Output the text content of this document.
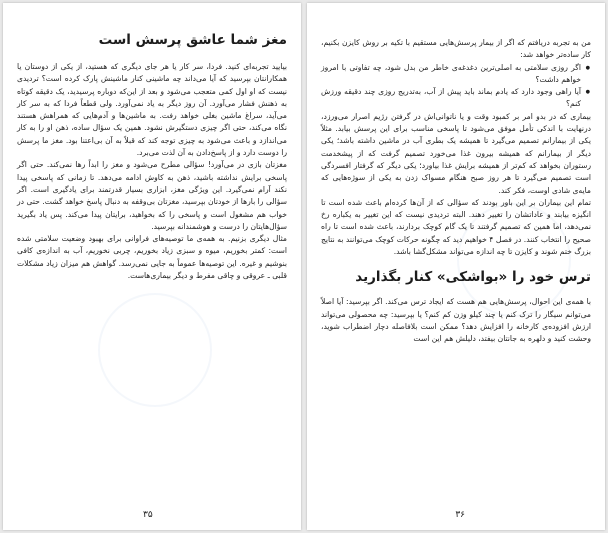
مغز شما عاشق پرسش است

بیایید تجربه‌ای کنید. فردا، سر کار یا هر جای دیگری که هستید، از یکی از دوستان یا همکارانتان بپرسید که آیا می‌داند چه ماشینی کنار ماشینش پارک کرده است؟ تردیدی نیست که او اول کمی متعجب می‌شود و بعد از این‌که دوباره پرسیدید، یک دقیقه کوتاه به ذهنش فشار می‌آورد. آن روز دیگر به یاد نمی‌آورد. ولی قطعاً فردا که به سر کار می‌آید، سراغ ماشین بغلی خواهد رفت. به ماشین‌ها و آدم‌هایی که همراهش هستند نگاه می‌کند، حتی اگر چیزی دستگیرش نشود. همین یک سؤال ساده، ذهن او را به کار می‌اندازد و باعث می‌شود به چیزی توجه کند که قبلاً به آن بی‌اعتنا بود. مغز ما پرسش را دوست دارد و از پاسخ‌دادن به آن لذت می‌برد.

مغزتان بازی در می‌آورد! سؤالی مطرح می‌شود و مغز را ابداً رها نمی‌کند. حتی اگر پاسخی برایش نداشته باشید، ذهن به کاوش ادامه می‌دهد. تا زمانی که پاسخی پیدا نکند آرام نمی‌گیرد. این ویژگی مغز، ابزاری بسیار قدرتمند برای یادگیری است. اگر سؤالی را بارها از خودتان بپرسید، مغزتان بی‌وقفه به دنبال پاسخ خواهد گشت. حتی در خواب هم مشغول است و پاسخی را که بخواهید، برایتان پیدا می‌کند. پس یاد بگیرید سؤال‌هایتان را درست و هوشمندانه بپرسید.

مثال دیگری بزنیم. به همه‌ی ما توصیه‌های فراوانی برای بهبود وضعیت سلامتی شده است: کمتر بخوریم، میوه و سبزی زیاد بخوریم، چربی نخوریم، آب به اندازه‌ی کافی بنوشیم و غیره. این توصیه‌ها عموماً به جایی نمی‌رسد. گواهش هم میزان زیاد مشکلات قلبی ـ عروقی و چاقی مفرط و دیگر بیماری‌هاست.

۳۵

من به تجربه دریافتم که اگر از بیمار پرسش‌هایی مستقیم با تکیه بر روش کایزن بکنیم، کار ساده‌تر خواهد شد:

● اگر روزی سلامتی به اصلی‌ترین دغدغه‌ی خاطر من بدل شود، چه تفاوتی با امروز خواهم داشت؟
● آیا راهی وجود دارد که یادم بماند باید پیش از آب، به‌تدریج روزی چند دقیقه ورزش کنم؟

بیماری که در بدو امر بر کمبود وقت و یا ناتوانی‌اش در گرفتن رژیم اصرار می‌ورزد، درنهایت با اندکی تأمل موفق می‌شود تا پاسخی مناسب برای این پرسش بیابد. مثلاً یکی از بیمارانم تصمیم می‌گیرد تا همیشه یک بطری آب در ماشین داشته باشد؛ یکی دیگر از بیمارانم که همیشه بیرون غذا می‌خورد تصمیم گرفت که از پیشخدمت رستوران بخواهد که کم‌تر از همیشه برایش غذا بیاورد؛ یکی دیگر که گرفتار افسردگی است تصمیم می‌گیرد تا هر روز صبح هنگام مسواک زدن به یکی از سوژه‌هایی که مایه‌ی شادی اوست، فکر کند.

تمام این بیماران بر این باور بودند که سؤالی که از آن‌ها کرده‌ام باعث شده است تا انگیزه بیابند و عاداتشان را تغییر دهند. البته تردیدی نیست که این تغییر به یکباره رخ نمی‌دهد، اما همین که تصمیم گرفتند تا یک گام کوچک بردارند، باعث شده است تا راه صحیح را انتخاب کنند. در فصل ۴ خواهیم دید که چگونه حرکات کوچک می‌توانند به نتایج بزرگ ختم شوند و کایزن تا چه اندازه می‌تواند مشکل‌گشا باشد.

ترس خود را «بواشکی» کنار بگذارید

با همه‌ی این احوال، پرسش‌هایی هم هست که ایجاد ترس می‌کند. اگر بپرسید: آیا اصلاً می‌توانم سیگار را ترک کنم یا چند کیلو وزن کم کنم؟ یا بپرسید: چه محصولی می‌تواند ارزش افزوده‌ی کارخانه را افزایش دهد؟ ممکن است بلافاصله دچار اضطراب شوید، وحشت کنید و دلهره به جانتان بیفتد، دلیلش هم این است

۳۶
